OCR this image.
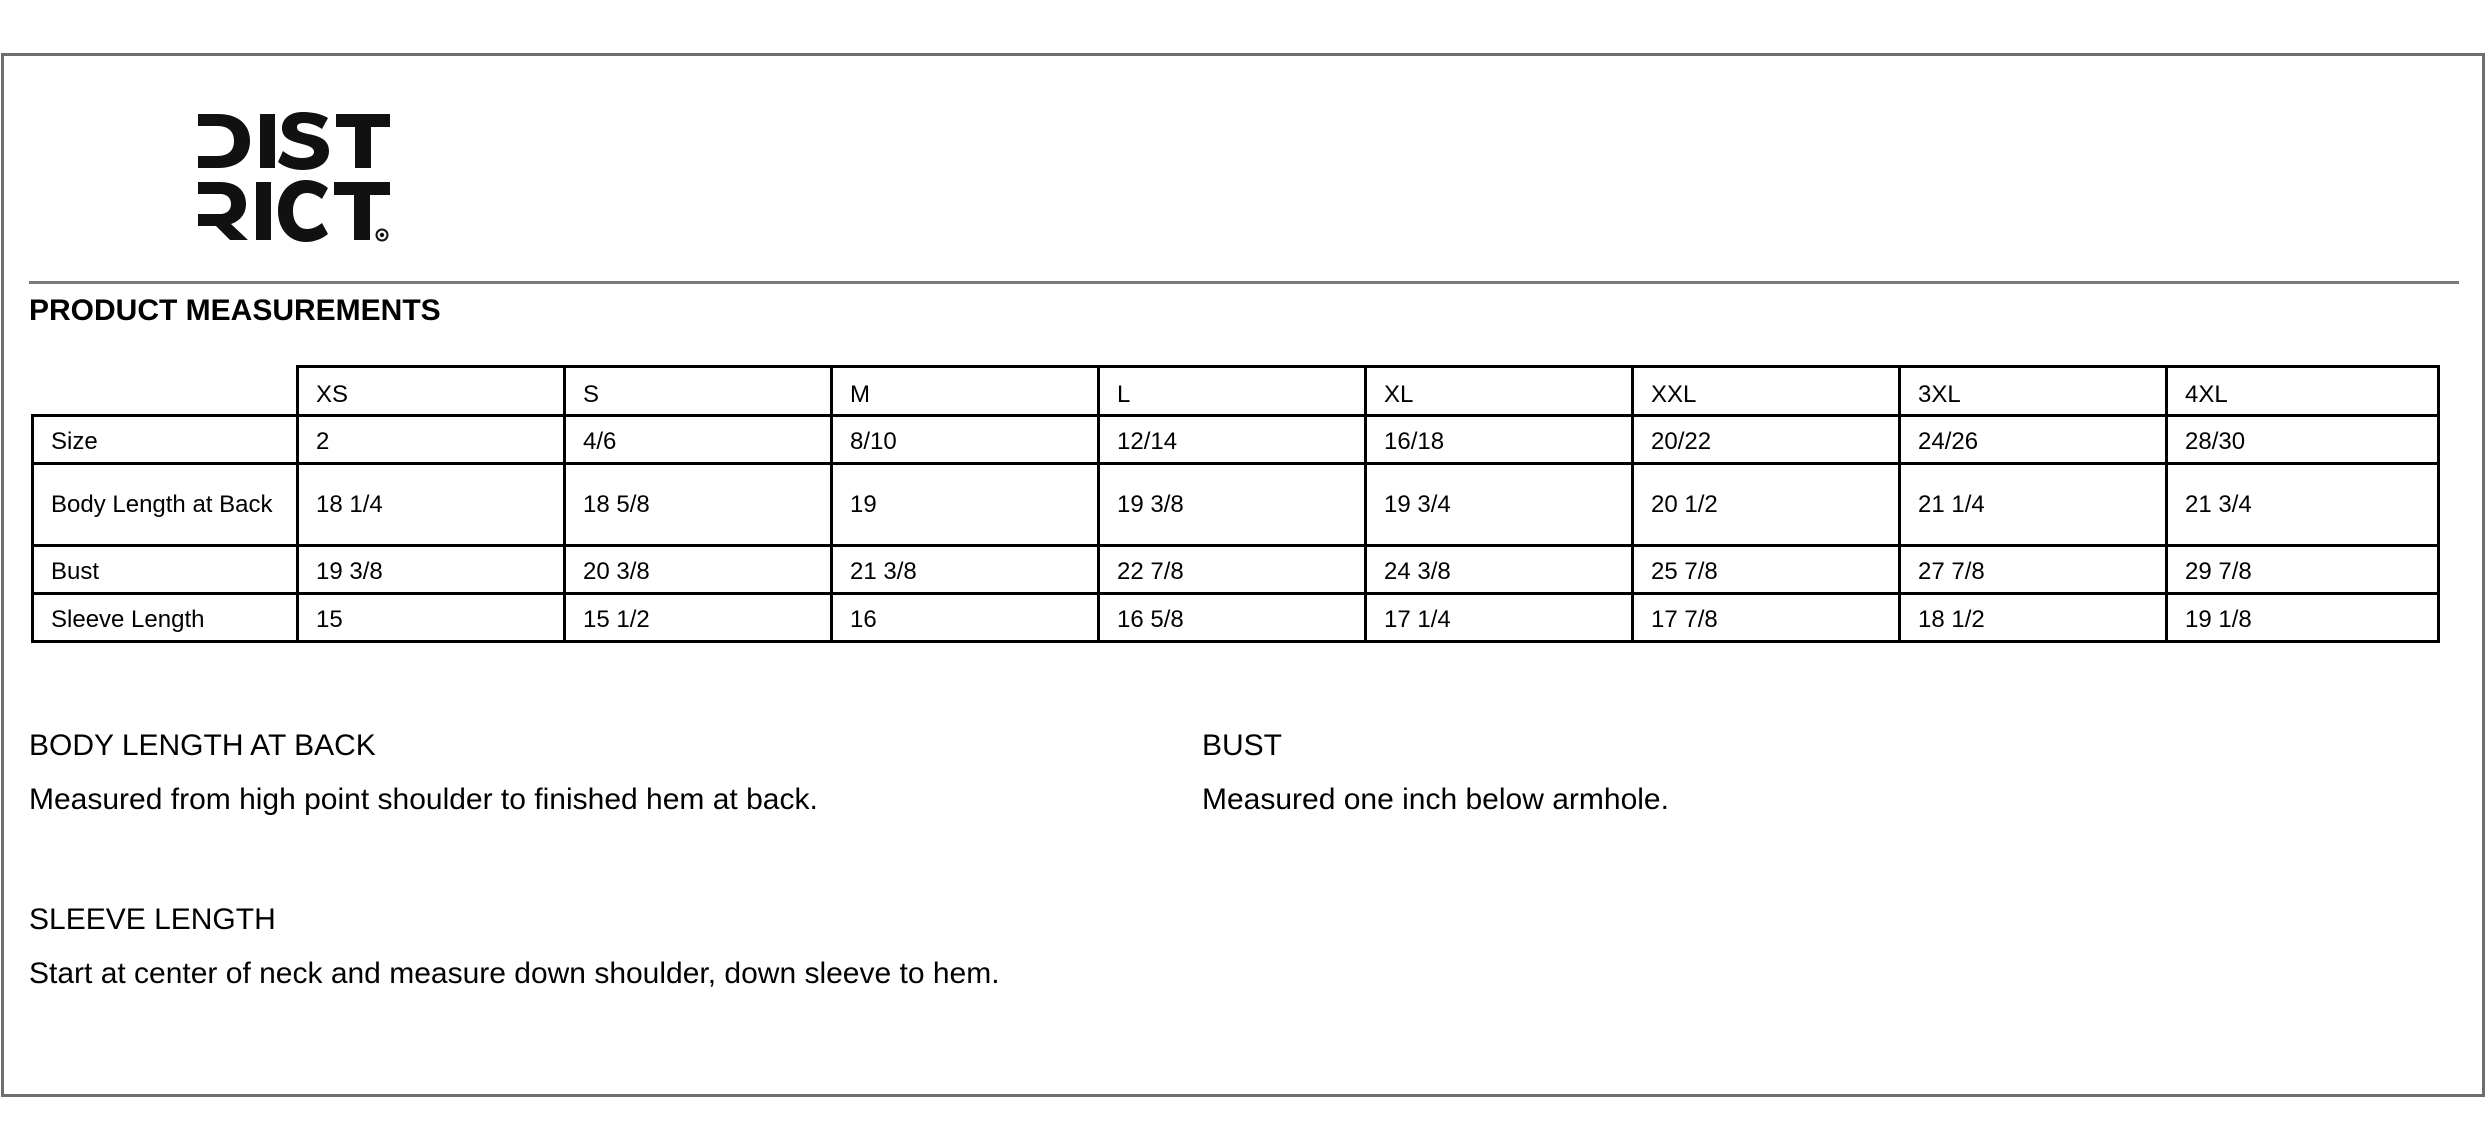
PRODUCT MEASUREMENTS
	XS	S	M	L	XL	XXL	3XL	4XL
Size	2	4/6	8/10	12/14	16/18	20/22	24/26	28/30
Body Length at Back	18 1/4	18 5/8	19	19 3/8	19 3/4	20 1/2	21 1/4	21 3/4
Bust	19 3/8	20 3/8	21 3/8	22 7/8	24 3/8	25 7/8	27 7/8	29 7/8
Sleeve Length	15	15 1/2	16	16 5/8	17 1/4	17 7/8	18 1/2	19 1/8
BODY LENGTH AT BACK
Measured from high point shoulder to finished hem at back.
BUST
Measured one inch below armhole.
SLEEVE LENGTH
Start at center of neck and measure down shoulder, down sleeve to hem.
